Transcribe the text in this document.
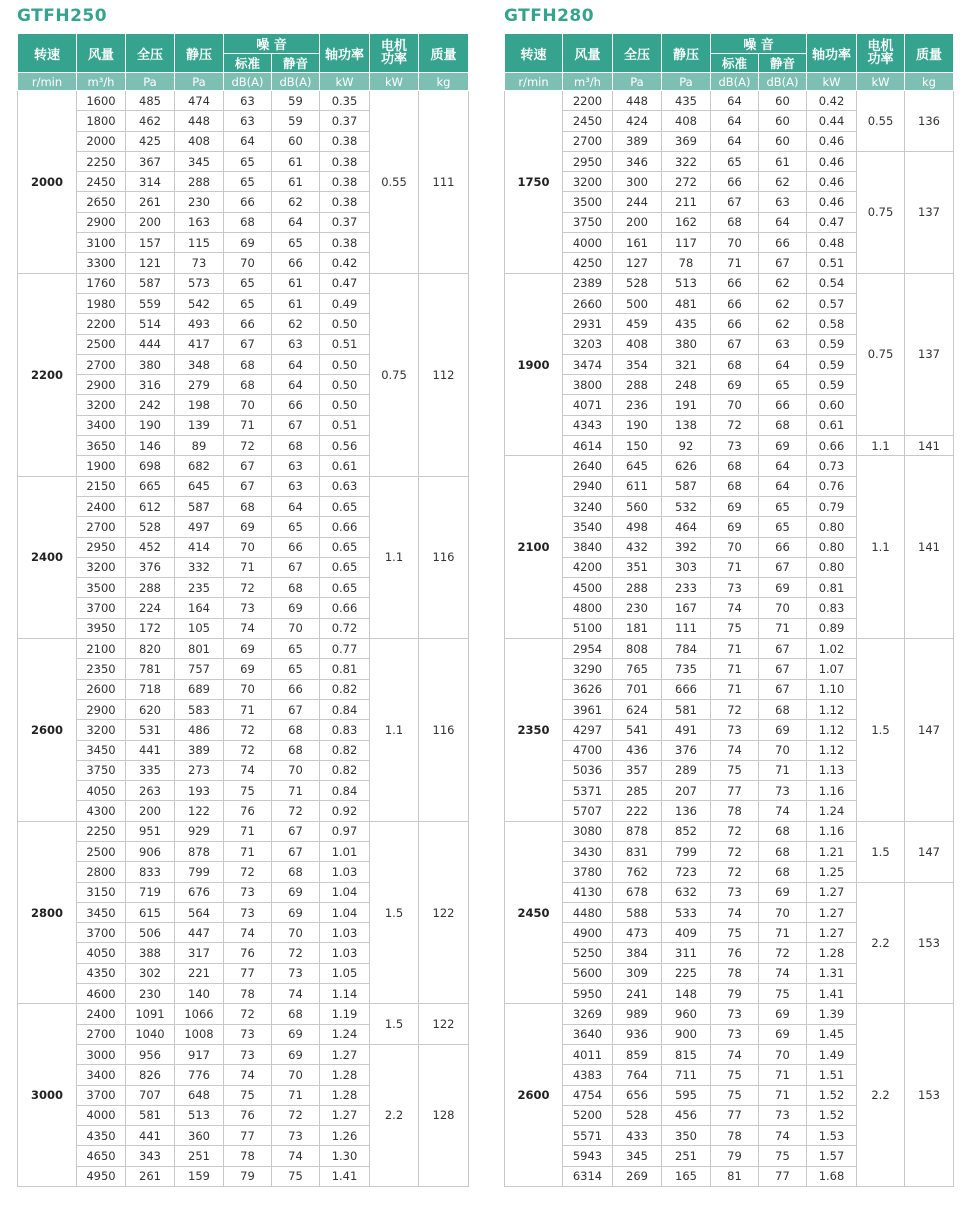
GTFH250
转速	风量	全压	静压	噪 音		轴功率	电机
功率	质量
				标准	静音			
r/min	m³/h	Pa	Pa	dB(A)	dB(A)	kW	kW	kg
2000	1600	485	474	63	59	0.35	0.55	111
	1800	462	448	63	59	0.37		
	2000	425	408	64	60	0.38		
	2250	367	345	65	61	0.38		
	2450	314	288	65	61	0.38		
	2650	261	230	66	62	0.38		
	2900	200	163	68	64	0.37		
	3100	157	115	69	65	0.38		
	3300	121	73	70	66	0.42		
2200	1760	587	573	65	61	0.47	0.75	112
	1980	559	542	65	61	0.49		
	2200	514	493	66	62	0.50		
	2500	444	417	67	63	0.51		
	2700	380	348	68	64	0.50		
	2900	316	279	68	64	0.50		
	3200	242	198	70	66	0.50		
	3400	190	139	71	67	0.51		
	3650	146	89	72	68	0.56		
	1900	698	682	67	63	0.61		
2400	2150	665	645	67	63	0.63	1.1	116
	2400	612	587	68	64	0.65		
	2700	528	497	69	65	0.66		
	2950	452	414	70	66	0.65		
	3200	376	332	71	67	0.65		
	3500	288	235	72	68	0.65		
	3700	224	164	73	69	0.66		
	3950	172	105	74	70	0.72		
2600	2100	820	801	69	65	0.77	1.1	116
	2350	781	757	69	65	0.81		
	2600	718	689	70	66	0.82		
	2900	620	583	71	67	0.84		
	3200	531	486	72	68	0.83		
	3450	441	389	72	68	0.82		
	3750	335	273	74	70	0.82		
	4050	263	193	75	71	0.84		
	4300	200	122	76	72	0.92		
2800	2250	951	929	71	67	0.97	1.5	122
	2500	906	878	71	67	1.01		
	2800	833	799	72	68	1.03		
	3150	719	676	73	69	1.04		
	3450	615	564	73	69	1.04		
	3700	506	447	74	70	1.03		
	4050	388	317	76	72	1.03		
	4350	302	221	77	73	1.05		
	4600	230	140	78	74	1.14		
3000	2400	1091	1066	72	68	1.19	1.5	122
	2700	1040	1008	73	69	1.24		
	3000	956	917	73	69	1.27	2.2	128
	3400	826	776	74	70	1.28		
	3700	707	648	75	71	1.28		
	4000	581	513	76	72	1.27		
	4350	441	360	77	73	1.26		
	4650	343	251	78	74	1.30		
	4950	261	159	79	75	1.41		
GTFH280
转速	风量	全压	静压	噪 音		轴功率	电机
功率	质量
				标准	静音			
r/min	m³/h	Pa	Pa	dB(A)	dB(A)	kW	kW	kg
1750	2200	448	435	64	60	0.42	0.55	136
	2450	424	408	64	60	0.44		
	2700	389	369	64	60	0.46		
	2950	346	322	65	61	0.46	0.75	137
	3200	300	272	66	62	0.46		
	3500	244	211	67	63	0.46		
	3750	200	162	68	64	0.47		
	4000	161	117	70	66	0.48		
	4250	127	78	71	67	0.51		
1900	2389	528	513	66	62	0.54	0.75	137
	2660	500	481	66	62	0.57		
	2931	459	435	66	62	0.58		
	3203	408	380	67	63	0.59		
	3474	354	321	68	64	0.59		
	3800	288	248	69	65	0.59		
	4071	236	191	70	66	0.60		
	4343	190	138	72	68	0.61		
	4614	150	92	73	69	0.66	1.1	141
2100	2640	645	626	68	64	0.73	1.1	141
	2940	611	587	68	64	0.76		
	3240	560	532	69	65	0.79		
	3540	498	464	69	65	0.80		
	3840	432	392	70	66	0.80		
	4200	351	303	71	67	0.80		
	4500	288	233	73	69	0.81		
	4800	230	167	74	70	0.83		
	5100	181	111	75	71	0.89		
2350	2954	808	784	71	67	1.02	1.5	147
	3290	765	735	71	67	1.07		
	3626	701	666	71	67	1.10		
	3961	624	581	72	68	1.12		
	4297	541	491	73	69	1.12		
	4700	436	376	74	70	1.12		
	5036	357	289	75	71	1.13		
	5371	285	207	77	73	1.16		
	5707	222	136	78	74	1.24		
2450	3080	878	852	72	68	1.16	1.5	147
	3430	831	799	72	68	1.21		
	3780	762	723	72	68	1.25		
	4130	678	632	73	69	1.27	2.2	153
	4480	588	533	74	70	1.27		
	4900	473	409	75	71	1.27		
	5250	384	311	76	72	1.28		
	5600	309	225	78	74	1.31		
	5950	241	148	79	75	1.41		
2600	3269	989	960	73	69	1.39	2.2	153
	3640	936	900	73	69	1.45		
	4011	859	815	74	70	1.49		
	4383	764	711	75	71	1.51		
	4754	656	595	75	71	1.52		
	5200	528	456	77	73	1.52		
	5571	433	350	78	74	1.53		
	5943	345	251	79	75	1.57		
	6314	269	165	81	77	1.68		
